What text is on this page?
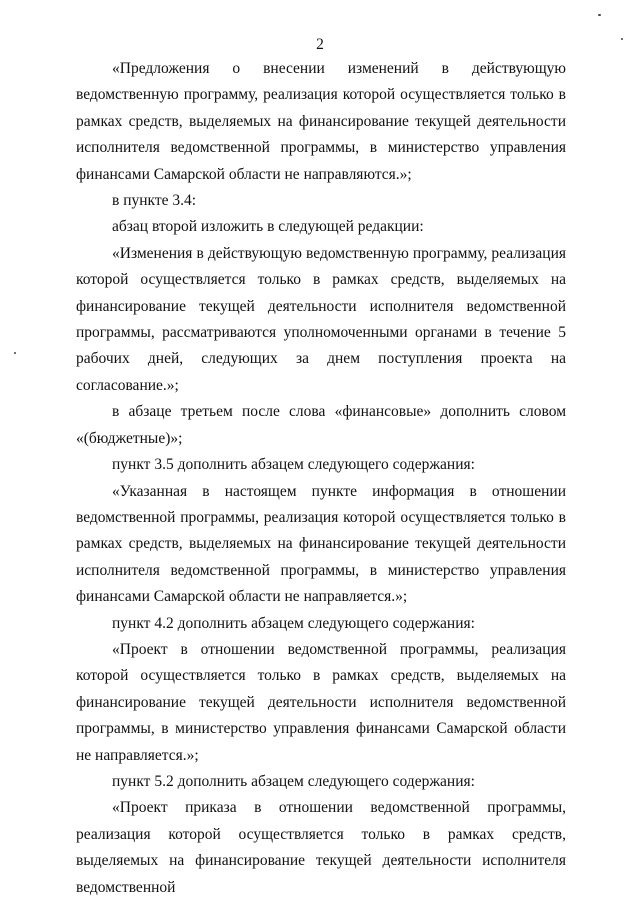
2

«Предложения о внесении изменений в действующую ведомственную программу, реализация которой осуществляется только в рамках средств, выделяемых на финансирование текущей деятельности исполнителя ведомственной программы, в министерство управления финансами Самарской области не направляются.»;

в пункте 3.4:

абзац второй изложить в следующей редакции:

«Изменения в действующую ведомственную программу, реализация которой осуществляется только в рамках средств, выделяемых на финансирование текущей деятельности исполнителя ведомственной программы, рассматриваются уполномоченными органами в течение 5 рабочих дней, следующих за днем поступления проекта на согласование.»;

в абзаце третьем после слова «финансовые» дополнить словом «(бюджетные)»;

пункт 3.5 дополнить абзацем следующего содержания:

«Указанная в настоящем пункте информация в отношении ведомственной программы, реализация которой осуществляется только в рамках средств, выделяемых на финансирование текущей деятельности исполнителя ведомственной программы, в министерство управления финансами Самарской области не направляется.»;

пункт 4.2 дополнить абзацем следующего содержания:

«Проект в отношении ведомственной программы, реализация которой осуществляется только в рамках средств, выделяемых на финансирование текущей деятельности исполнителя ведомственной программы, в министерство управления финансами Самарской области не направляется.»;

пункт 5.2 дополнить абзацем следующего содержания:

«Проект приказа в отношении ведомственной программы, реализация которой осуществляется только в рамках средств, выделяемых на финансирование текущей деятельности исполнителя ведомственной
